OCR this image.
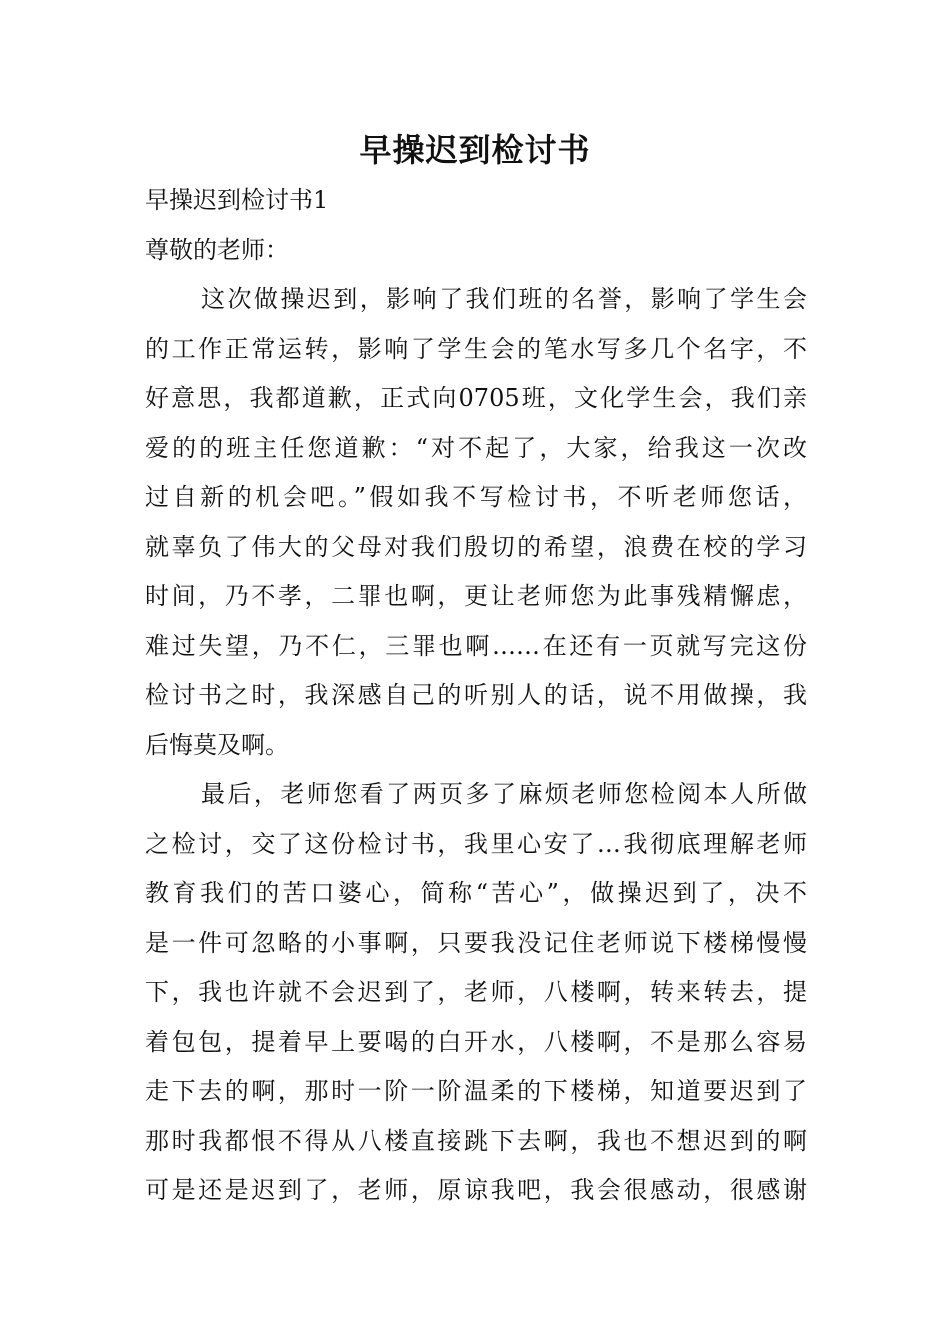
早操迟到检讨书
早操迟到检讨书1
尊敬的老师：
这次做操迟到，影响了我们班的名誉，影响了学生会
的工作正常运转，影响了学生会的笔水写多几个名字，不
好意思，我都道歉，正式向0705班，文化学生会，我们亲
爱的的班主任您道歉：“对不起了，大家，给我这一次改
过自新的机会吧。”假如我不写检讨书，不听老师您话，
就辜负了伟大的父母对我们殷切的希望，浪费在校的学习
时间，乃不孝，二罪也啊，更让老师您为此事残精懈虑，
难过失望，乃不仁，三罪也啊……在还有一页就写完这份
检讨书之时，我深感自己的听别人的话，说不用做操，我
后悔莫及啊。
最后，老师您看了两页多了麻烦老师您检阅本人所做
之检讨，交了这份检讨书，我里心安了…我彻底理解老师
教育我们的苦口婆心，简称“苦心”，做操迟到了，决不
是一件可忽略的小事啊，只要我没记住老师说下楼梯慢慢
下，我也许就不会迟到了，老师，八楼啊，转来转去，提
着包包，提着早上要喝的白开水，八楼啊，不是那么容易
走下去的啊，那时一阶一阶温柔的下楼梯，知道要迟到了
那时我都恨不得从八楼直接跳下去啊，我也不想迟到的啊
可是还是迟到了，老师，原谅我吧，我会很感动，很感谢
